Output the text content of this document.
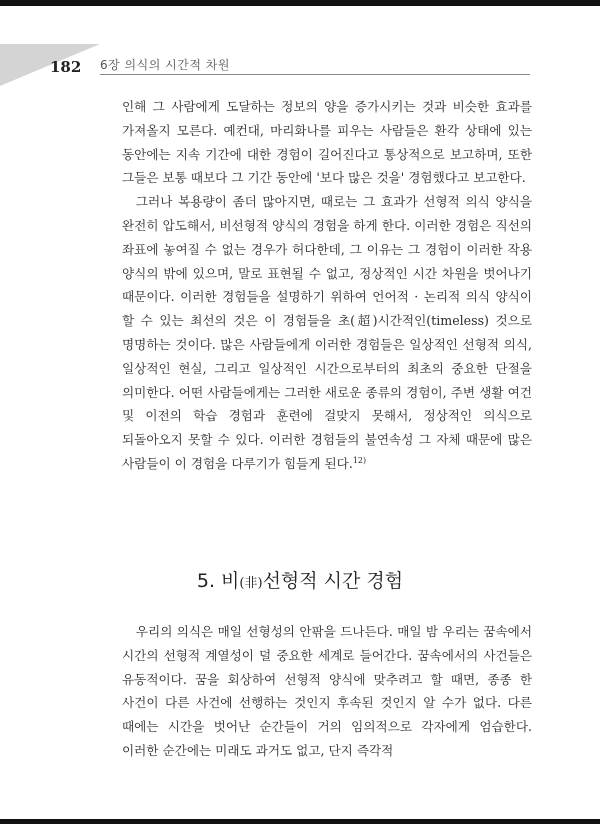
182 6장 의식의 시간적 차원

인해 그 사람에게 도달하는 정보의 양을 증가시키는 것과 비슷한 효과를 가져올지 모른다. 예컨대, 마리화나를 피우는 사람들은 환각 상태에 있는 동안에는 지속 기간에 대한 경험이 길어진다고 통상적으로 보고하며, 또한 그들은 보통 때보다 그 기간 동안에 '보다 많은 것을' 경험했다고 보고한다.

그러나 복용량이 좀더 많아지면, 때로는 그 효과가 선형적 의식 양식을 완전히 압도해서, 비선형적 양식의 경험을 하게 한다. 이러한 경험은 직선의 좌표에 놓여질 수 없는 경우가 허다한데, 그 이유는 그 경험이 이러한 작용 양식의 밖에 있으며, 말로 표현될 수 없고, 정상적인 시간 차원을 벗어나기 때문이다. 이러한 경험들을 설명하기 위하여 언어적 · 논리적 의식 양식이 할 수 있는 최선의 것은 이 경험들을 초(超)시간적인(timeless) 것으로 명명하는 것이다. 많은 사람들에게 이러한 경험들은 일상적인 선형적 의식, 일상적인 현실, 그리고 일상적인 시간으로부터의 최초의 중요한 단절을 의미한다. 어떤 사람들에게는 그러한 새로운 종류의 경험이, 주변 생활 여건 및 이전의 학습 경험과 훈련에 걸맞지 못해서, 정상적인 의식으로 되돌아오지 못할 수 있다. 이러한 경험들의 불연속성 그 자체 때문에 많은 사람들이 이 경험을 다루기가 힘들게 된다.$^{12)}$

5. 비(非)선형적 시간 경험

우리의 의식은 매일 선형성의 안팎을 드나든다. 매일 밤 우리는 꿈속에서 시간의 선형적 계열성이 덜 중요한 세계로 들어간다. 꿈속에서의 사건들은 유동적이다. 꿈을 회상하여 선형적 양식에 맞추려고 할 때면, 종종 한 사건이 다른 사건에 선행하는 것인지 후속된 것인지 알 수가 없다. 다른 때에는 시간을 벗어난 순간들이 거의 임의적으로 각자에게 엄습한다. 이러한 순간에는 미래도 과거도 없고, 단지 즉각적
